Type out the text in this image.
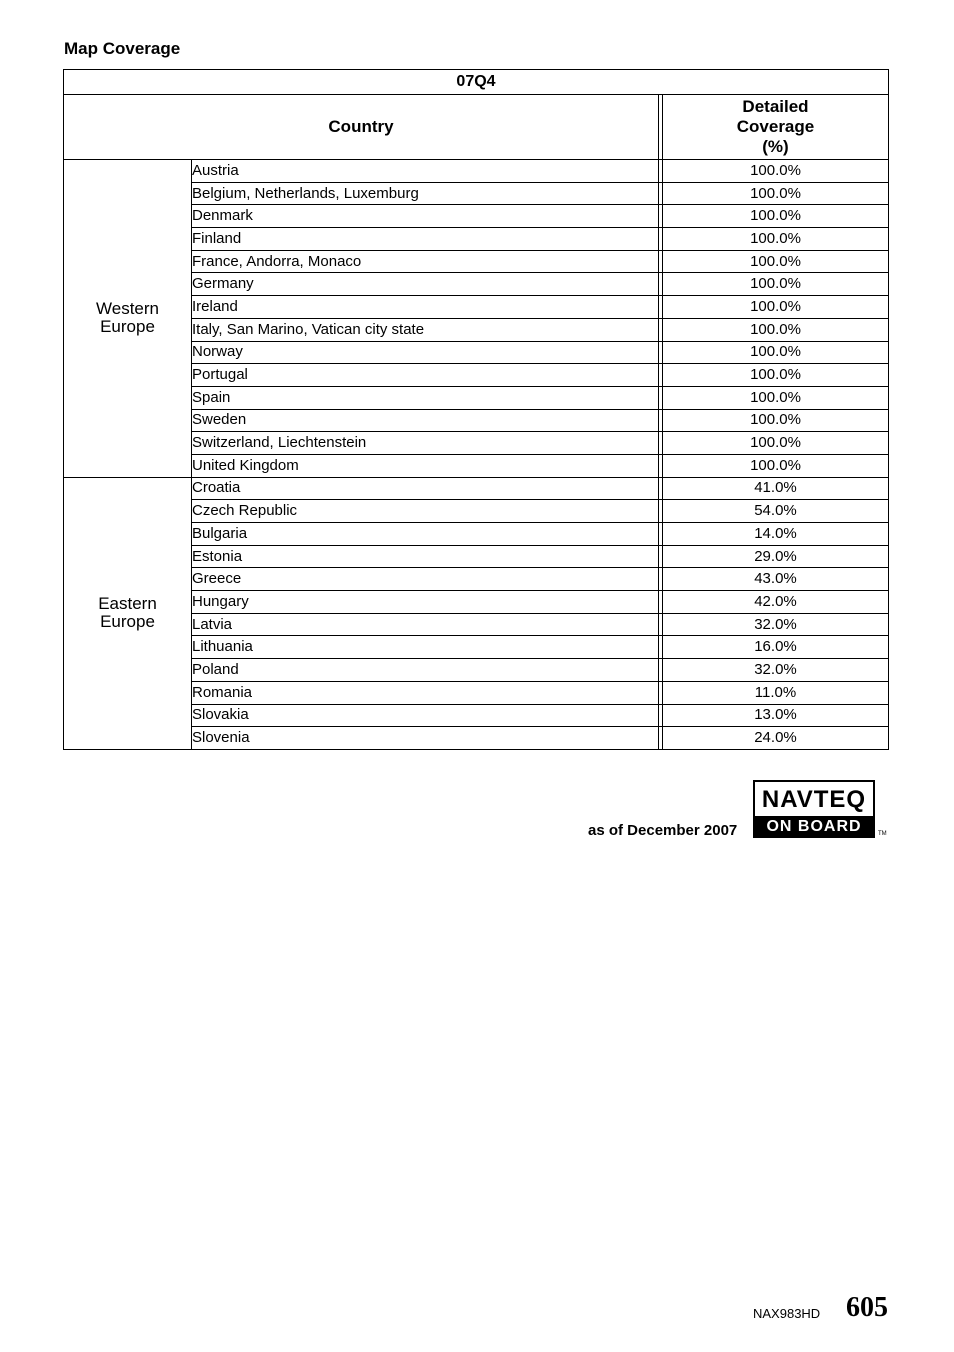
Map Coverage
07Q4			
Country			Detailed
Coverage
(%)

Western
Europe	Austria		100.0%
	Belgium, Netherlands, Luxemburg		100.0%
	Denmark		100.0%
	Finland		100.0%
	France, Andorra, Monaco		100.0%
	Germany		100.0%
	Ireland		100.0%
	Italy, San Marino, Vatican city state		100.0%
	Norway		100.0%
	Portugal		100.0%
	Spain		100.0%
	Sweden		100.0%
	Switzerland, Liechtenstein		100.0%
	United Kingdom		100.0%

Eastern
Europe	Croatia		41.0%
	Czech Republic		54.0%
	Bulgaria		14.0%
	Estonia		29.0%
	Greece		43.0%
	Hungary		42.0%
	Latvia		32.0%
	Lithuania		16.0%
	Poland		32.0%
	Romania		11.0%
	Slovakia		13.0%
	Slovenia		24.0%
as of December 2007
NAVTEQ
ON BOARD	TM
NAX983HD 605
